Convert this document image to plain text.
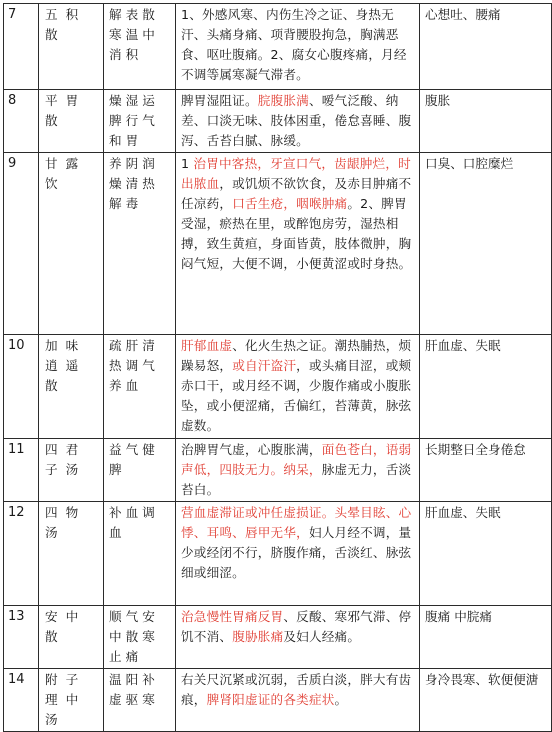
7	五积散	解表散寒温中消积	1、外感风寒、内伤生冷之证、身热无汗、头痛身痛、项背腰股拘急，胸满恶食、呕吐腹痛。2、腐女心腹疼痛，月经不调等属寒凝气滞者。	心想吐、腰痛
8	平胃散	燥湿运脾行气和胃	脾胃湿阻证。脘腹胀满、嗳气泛酸、纳差、口淡无味、肢体困重，倦怠喜睡、腹泻、舌苔白腻、脉缓。	腹胀
9	甘露饮	养阴润燥清热解毒	1 治胃中客热，牙宣口气，齿龈肿烂，时出脓血，或饥烦不欲饮食，及赤目肿痛不任凉药，口舌生疮，咽喉肿痛。2、脾胃受湿，瘀热在里，或醉饱房劳，湿热相搏，致生黄疸，身面皆黄，肢体微肿，胸闷气短，大便不调，小便黄涩或时身热。	口臭、口腔糜烂
10	加味逍遥散	疏肝清热调气养血	肝郁血虚、化火生热之证。潮热脯热，烦躁易怒，或自汗盗汗，或头痛目涩，或颊赤口干，或月经不调，少腹作痛或小腹胀坠，或小便涩痛，舌偏红，苔薄黄，脉弦虚数。	肝血虚、失眠
11	四君子汤	益气健脾	治脾胃气虚，心腹胀满，面色苍白，语弱声低，四肢无力。纳呆，脉虚无力，舌淡苔白。	长期整日全身倦怠
12	四物汤	补血调血	营血虚滞证或冲任虚损证。头晕目眩、心悸、耳鸣、唇甲无华，妇人月经不调，量少或经闭不行，脐腹作痛，舌淡红、脉弦细或细涩。	肝血虚、失眠
13	安中散	顺气安中散寒止痛	治急慢性胃痛反胃、反酸、寒邪气滞、停饥不消、腹胁胀痛及妇人经痛。	腹痛 中脘痛
14	附子理中汤	温阳补虚驱寒	右关尺沉紧或沉弱，舌质白淡，胖大有齿痕，脾肾阳虚证的各类症状。	身冷畏寒、软便便溏
